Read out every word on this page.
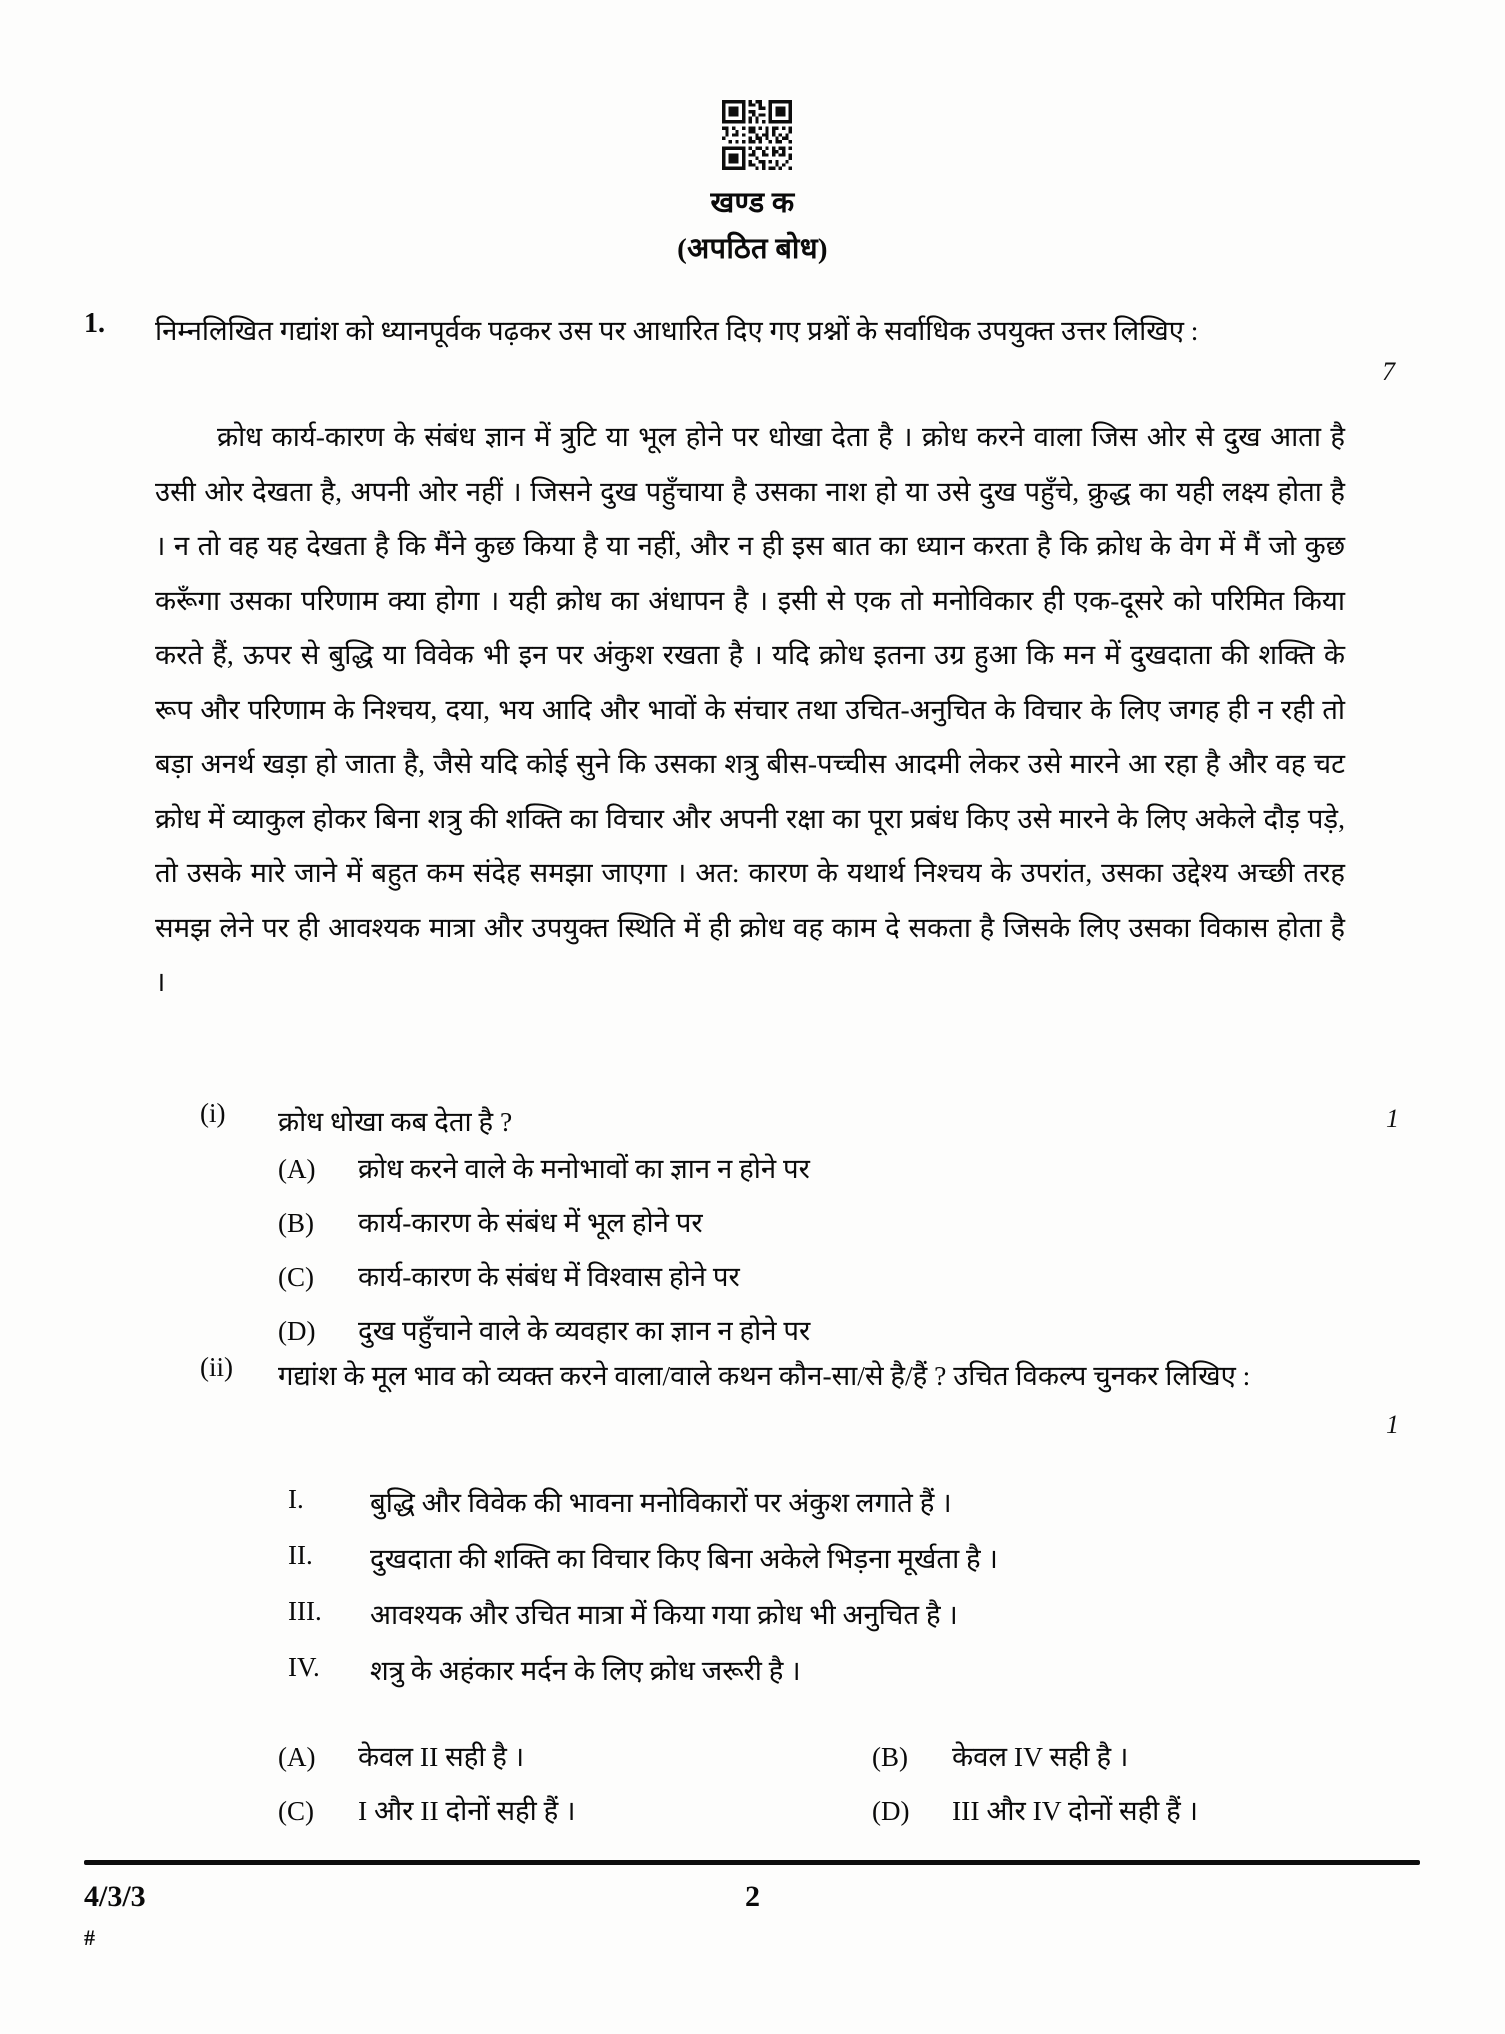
खण्ड क
(अपठित बोध)
1. निम्नलिखित गद्यांश को ध्यानपूर्वक पढ़कर उस पर आधारित दिए गए प्रश्नों के सर्वाधिक उपयुक्त उत्तर लिखिए :
7
क्रोध कार्य-कारण के संबंध ज्ञान में त्रुटि या भूल होने पर धोखा देता है । क्रोध करने वाला जिस ओर से दुख आता है उसी ओर देखता है, अपनी ओर नहीं । जिसने दुख पहुँचाया है उसका नाश हो या उसे दुख पहुँचे, क्रुद्ध का यही लक्ष्य होता है । न तो वह यह देखता है कि मैंने कुछ किया है या नहीं, और न ही इस बात का ध्यान करता है कि क्रोध के वेग में मैं जो कुछ करूँगा उसका परिणाम क्या होगा । यही क्रोध का अंधापन है । इसी से एक तो मनोविकार ही एक-दूसरे को परिमित किया करते हैं, ऊपर से बुद्धि या विवेक भी इन पर अंकुश रखता है । यदि क्रोध इतना उग्र हुआ कि मन में दुखदाता की शक्ति के रूप और परिणाम के निश्चय, दया, भय आदि और भावों के संचार तथा उचित-अनुचित के विचार के लिए जगह ही न रही तो बड़ा अनर्थ खड़ा हो जाता है, जैसे यदि कोई सुने कि उसका शत्रु बीस-पच्चीस आदमी लेकर उसे मारने आ रहा है और वह चट क्रोध में व्याकुल होकर बिना शत्रु की शक्ति का विचार और अपनी रक्षा का पूरा प्रबंध किए उसे मारने के लिए अकेले दौड़ पड़े, तो उसके मारे जाने में बहुत कम संदेह समझा जाएगा । अत: कारण के यथार्थ निश्चय के उपरांत, उसका उद्देश्य अच्छी तरह समझ लेने पर ही आवश्यक मात्रा और उपयुक्त स्थिति में ही क्रोध वह काम दे सकता है जिसके लिए उसका विकास होता है ।
(i) क्रोध धोखा कब देता है ?	1
(A)	क्रोध करने वाले के मनोभावों का ज्ञान न होने पर
(B)	कार्य-कारण के संबंध में भूल होने पर
(C)	कार्य-कारण के संबंध में विश्वास होने पर
(D)	दुख पहुँचाने वाले के व्यवहार का ज्ञान न होने पर
(ii) गद्यांश के मूल भाव को व्यक्त करने वाला/वाले कथन कौन-सा/से है/हैं ? उचित विकल्प चुनकर लिखिए :
1
I.	बुद्धि और विवेक की भावना मनोविकारों पर अंकुश लगाते हैं ।
II.	दुखदाता की शक्ति का विचार किए बिना अकेले भिड़ना मूर्खता है ।
III.	आवश्यक और उचित मात्रा में किया गया क्रोध भी अनुचित है ।
IV.	शत्रु के अहंकार मर्दन के लिए क्रोध जरूरी है ।
(A)	केवल II सही है ।	(B)	केवल IV सही है ।
(C)	I और II दोनों सही हैं ।	(D)	III और IV दोनों सही हैं ।
4/3/3
#
2
